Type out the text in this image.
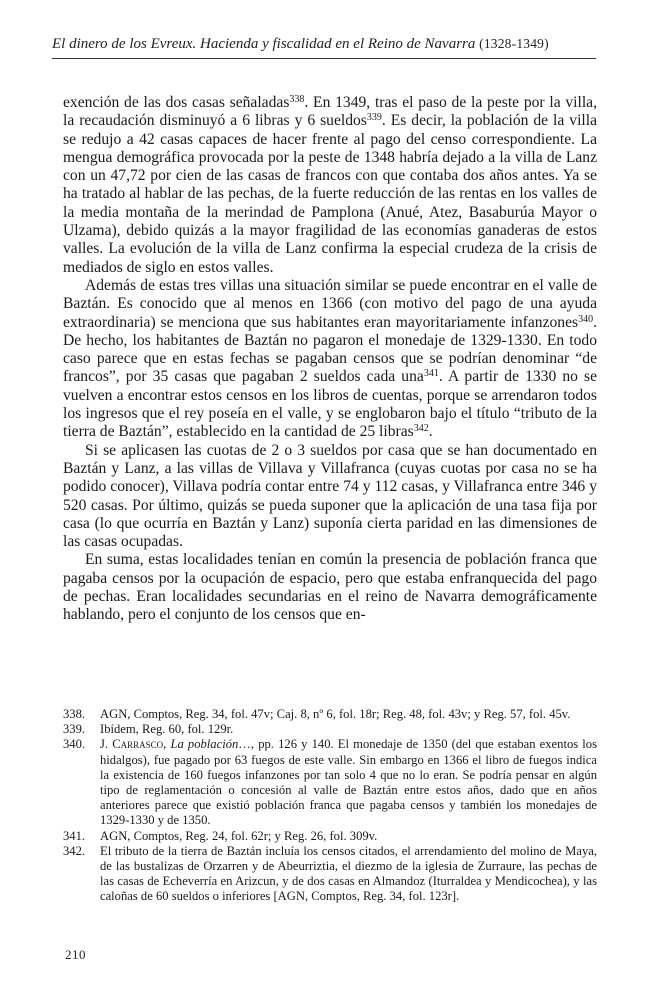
El dinero de los Evreux. Hacienda y fiscalidad en el Reino de Navarra (1328-1349)

exención de las dos casas señaladas$^{338}$. En 1349, tras el paso de la peste por la villa, la recaudación disminuyó a 6 libras y 6 sueldos$^{339}$. Es decir, la población de la villa se redujo a 42 casas capaces de hacer frente al pago del censo correspondiente. La mengua demográfica provocada por la peste de 1348 habría dejado a la villa de Lanz con un 47,72 por cien de las casas de francos con que contaba dos años antes. Ya se ha tratado al hablar de las pechas, de la fuerte reducción de las rentas en los valles de la media montaña de la merindad de Pamplona (Anué, Atez, Basaburúa Mayor o Ulzama), debido quizás a la mayor fragilidad de las economías ganaderas de estos valles. La evolución de la villa de Lanz confirma la especial crudeza de la crisis de mediados de siglo en estos valles.

Además de estas tres villas una situación similar se puede encontrar en el valle de Baztán. Es conocido que al menos en 1366 (con motivo del pago de una ayuda extraordinaria) se menciona que sus habitantes eran mayoritariamente infanzones$^{340}$. De hecho, los habitantes de Baztán no pagaron el monedaje de 1329-1330. En todo caso parece que en estas fechas se pagaban censos que se podrían denominar “de francos”, por 35 casas que pagaban 2 sueldos cada una$^{341}$. A partir de 1330 no se vuelven a encontrar estos censos en los libros de cuentas, porque se arrendaron todos los ingresos que el rey poseía en el valle, y se englobaron bajo el título “tributo de la tierra de Baztán”, establecido en la cantidad de 25 libras$^{342}$.

Si se aplicasen las cuotas de 2 o 3 sueldos por casa que se han documentado en Baztán y Lanz, a las villas de Villava y Villafranca (cuyas cuotas por casa no se ha podido conocer), Villava podría contar entre 74 y 112 casas, y Villafranca entre 346 y 520 casas. Por último, quizás se pueda suponer que la aplicación de una tasa fija por casa (lo que ocurría en Baztán y Lanz) suponía cierta paridad en las dimensiones de las casas ocupadas.

En suma, estas localidades tenían en común la presencia de población franca que pagaba censos por la ocupación de espacio, pero que estaba enfranquecida del pago de pechas. Eran localidades secundarias en el reino de Navarra demográficamente hablando, pero el conjunto de los censos que en-

338.	AGN, Comptos, Reg. 34, fol. 47v; Caj. 8, nº 6, fol. 18r; Reg. 48, fol. 43v; y Reg. 57, fol. 45v.
339.	Ibídem, Reg. 60, fol. 129r.
340.	J. Carrasco, La población…, pp. 126 y 140. El monedaje de 1350 (del que estaban exentos los hidalgos), fue pagado por 63 fuegos de este valle. Sin embargo en 1366 el libro de fuegos indica la existencia de 160 fuegos infanzones por tan solo 4 que no lo eran. Se podría pensar en algún tipo de reglamentación o concesión al valle de Baztán entre estos años, dado que en años anteriores parece que existió población franca que pagaba censos y también los monedajes de 1329-1330 y de 1350.
341.	AGN, Comptos, Reg. 24, fol. 62r; y Reg. 26, fol. 309v.
342.	El tributo de la tierra de Baztán incluía los censos citados, el arrendamiento del molino de Maya, de las bustalizas de Orzarren y de Abeurriztia, el diezmo de la iglesia de Zurraure, las pechas de las casas de Echeverría en Arizcun, y de dos casas en Almandoz (Iturraldea y Mendicochea), y las caloñas de 60 sueldos o inferiores [AGN, Comptos, Reg. 34, fol. 123r].
210
